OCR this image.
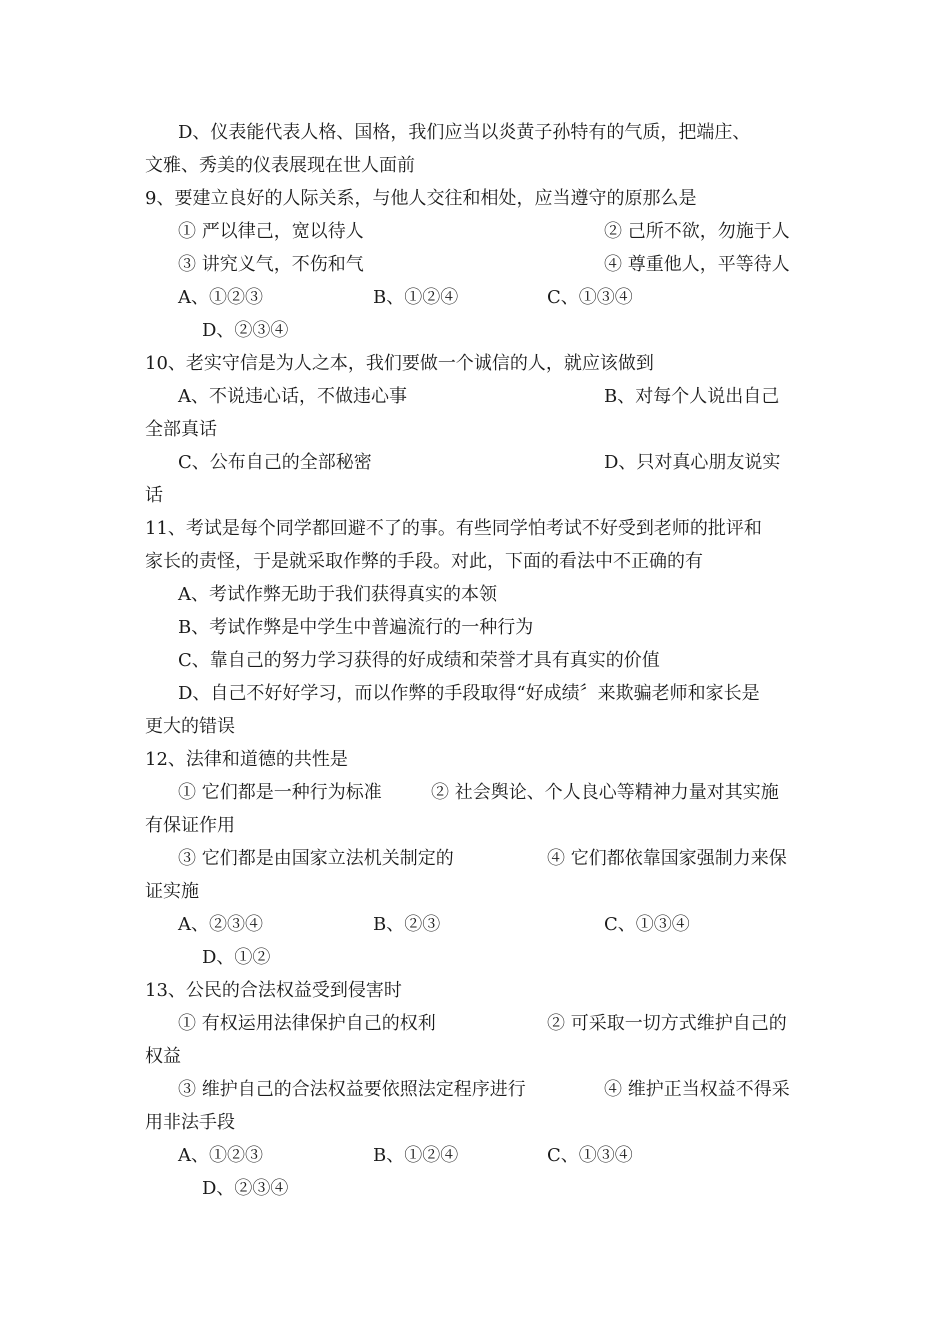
D、仪表能代表人格、国格，我们应当以炎黄子孙特有的气质，把端庄、
文雅、秀美的仪表展现在世人面前
9、要建立良好的人际关系，与他人交往和相处，应当遵守的原那么是
① 严以律己，宽以待人	② 己所不欲，勿施于人
③ 讲究义气，不伤和气	④ 尊重他人，平等待人
A、①②③	B、①②④	C、①③④
D、②③④
10、老实守信是为人之本，我们要做一个诚信的人，就应该做到
A、不说违心话，不做违心事	B、对每个人说出自己
全部真话
C、公布自己的全部秘密	D、只对真心朋友说实
话
11、考试是每个同学都回避不了的事。有些同学怕考试不好受到老师的批评和
家长的责怪，于是就采取作弊的手段。对此，下面的看法中不正确的有
A、考试作弊无助于我们获得真实的本领
B、考试作弊是中学生中普遍流行的一种行为
C、靠自己的努力学习获得的好成绩和荣誉才具有真实的价值
D、自己不好好学习，而以作弊的手段取得“好成绩〞来欺骗老师和家长是
更大的错误
12、法律和道德的共性是
① 它们都是一种行为标准	② 社会舆论、个人良心等精神力量对其实施
有保证作用
③ 它们都是由国家立法机关制定的	④ 它们都依靠国家强制力来保
证实施
A、②③④	B、②③	C、①③④
D、①②
13、公民的合法权益受到侵害时
① 有权运用法律保护自己的权利	② 可采取一切方式维护自己的
权益
③ 维护自己的合法权益要依照法定程序进行	④ 维护正当权益不得采
用非法手段
A、①②③	B、①②④	C、①③④
D、②③④
